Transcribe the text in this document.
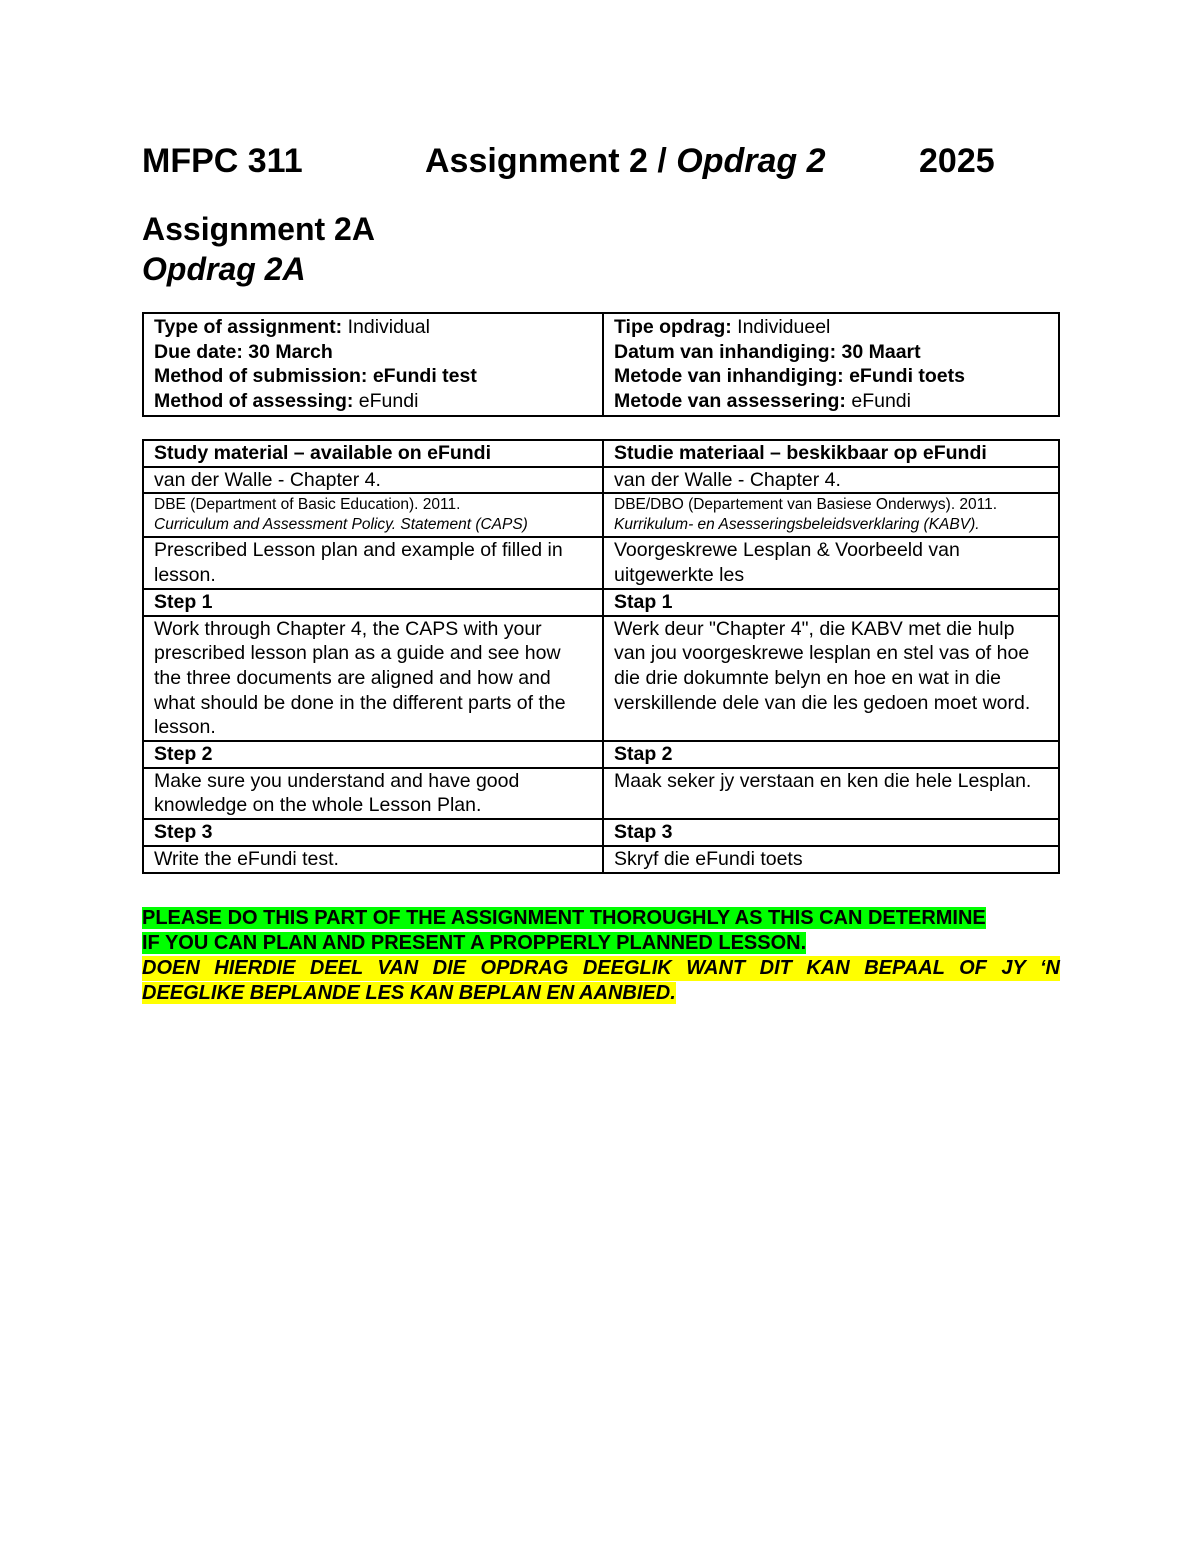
MFPC 311	Assignment 2 / Opdrag 2	2025
Assignment 2A
Opdrag 2A
Type of assignment: Individual
Due date: 30 March
Method of submission: eFundi test
Method of assessing: eFundi

Tipe opdrag: Individueel
Datum van inhandiging: 30 Maart
Metode van inhandiging: eFundi toets
Metode van assessering: eFundi
Study material – available on eFundi	Studie materiaal – beskikbaar op eFundi
van der Walle - Chapter 4.	van der Walle - Chapter 4.
DBE (Department of Basic Education). 2011.
Curriculum and Assessment Policy. Statement (CAPS)	DBE/DBO (Departement van Basiese Onderwys). 2011. Kurrikulum- en Asesseringsbeleidsverklaring (KABV).
Prescribed Lesson plan and example of filled in lesson.	Voorgeskrewe Lesplan & Voorbeeld van uitgewerkte les
Step 1	Stap 1
Work through Chapter 4, the CAPS with your prescribed lesson plan as a guide and see how the three documents are aligned and how and what should be done in the different parts of the lesson.	Werk deur "Chapter 4", die KABV met die hulp van jou voorgeskrewe lesplan en stel vas of hoe die drie dokumnte belyn en hoe en wat in die verskillende dele van die les gedoen moet word.
Step 2	Stap 2
Make sure you understand and have good knowledge on the whole Lesson Plan.	Maak seker jy verstaan en ken die hele Lesplan.
Step 3	Stap 3
Write the eFundi test.	Skryf die eFundi toets
PLEASE DO THIS PART OF THE ASSIGNMENT THOROUGHLY AS THIS CAN DETERMINE
IF YOU CAN PLAN AND PRESENT A PROPPERLY PLANNED LESSON.
DOEN HIERDIE DEEL VAN DIE OPDRAG DEEGLIK WANT DIT KAN BEPAAL OF JY ‘N
DEEGLIKE BEPLANDE LES KAN BEPLAN EN AANBIED.
